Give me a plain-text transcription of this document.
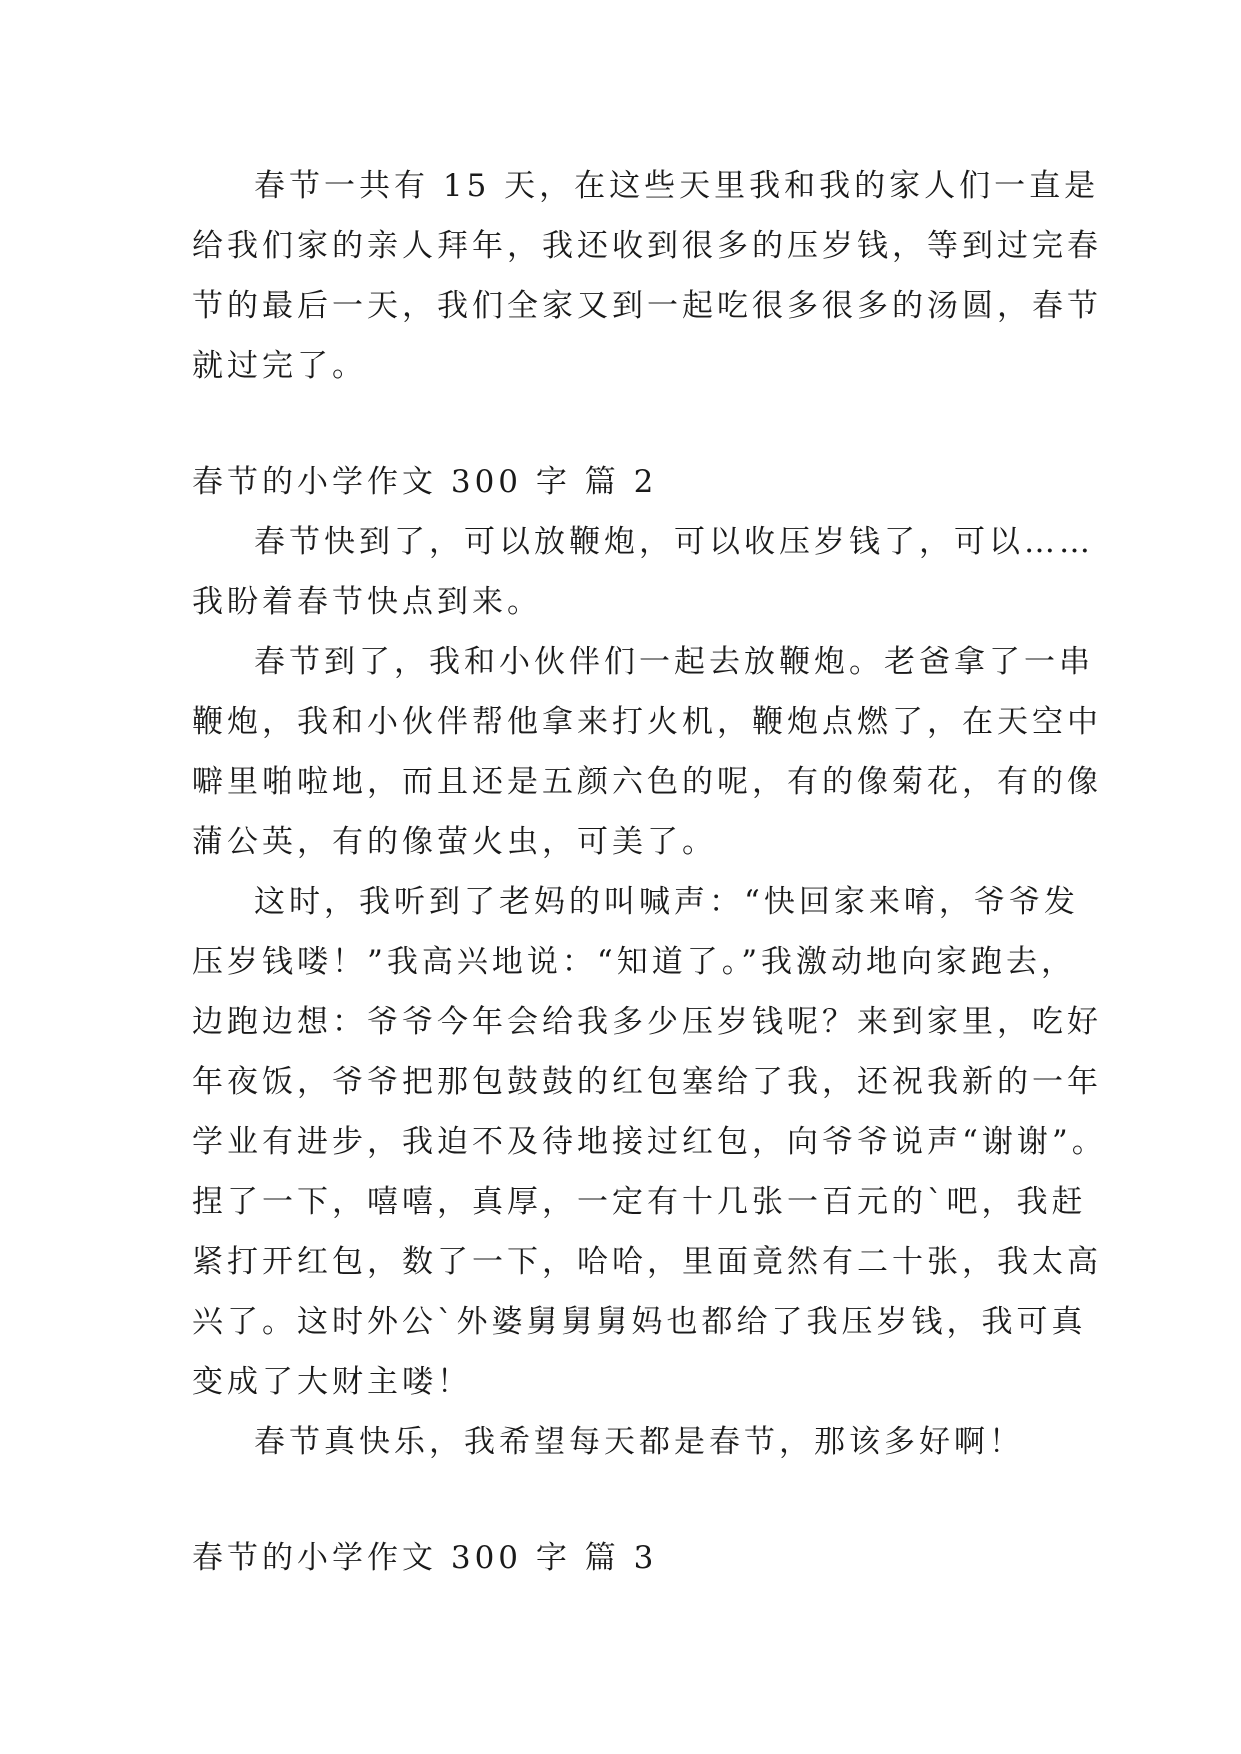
春节一共有 15 天，在这些天里我和我的家人们一直是
给我们家的亲人拜年，我还收到很多的压岁钱，等到过完春
节的最后一天，我们全家又到一起吃很多很多的汤圆，春节
就过完了。
春节的小学作文 300 字 篇 2
春节快到了，可以放鞭炮，可以收压岁钱了，可以……
我盼着春节快点到来。
春节到了，我和小伙伴们一起去放鞭炮。老爸拿了一串
鞭炮，我和小伙伴帮他拿来打火机，鞭炮点燃了，在天空中
噼里啪啦地，而且还是五颜六色的呢，有的像菊花，有的像
蒲公英，有的像萤火虫，可美了。
这时，我听到了老妈的叫喊声：“快回家来唷，爷爷发
压岁钱喽！”我高兴地说：“知道了。”我激动地向家跑去，
边跑边想：爷爷今年会给我多少压岁钱呢？来到家里，吃好
年夜饭，爷爷把那包鼓鼓的红包塞给了我，还祝我新的一年
学业有进步，我迫不及待地接过红包，向爷爷说声“谢谢”。
捏了一下，嘻嘻，真厚，一定有十几张一百元的`吧，我赶
紧打开红包，数了一下，哈哈，里面竟然有二十张，我太高
兴了。这时外公`外婆舅舅舅妈也都给了我压岁钱，我可真
变成了大财主喽！
春节真快乐，我希望每天都是春节，那该多好啊！
春节的小学作文 300 字 篇 3
